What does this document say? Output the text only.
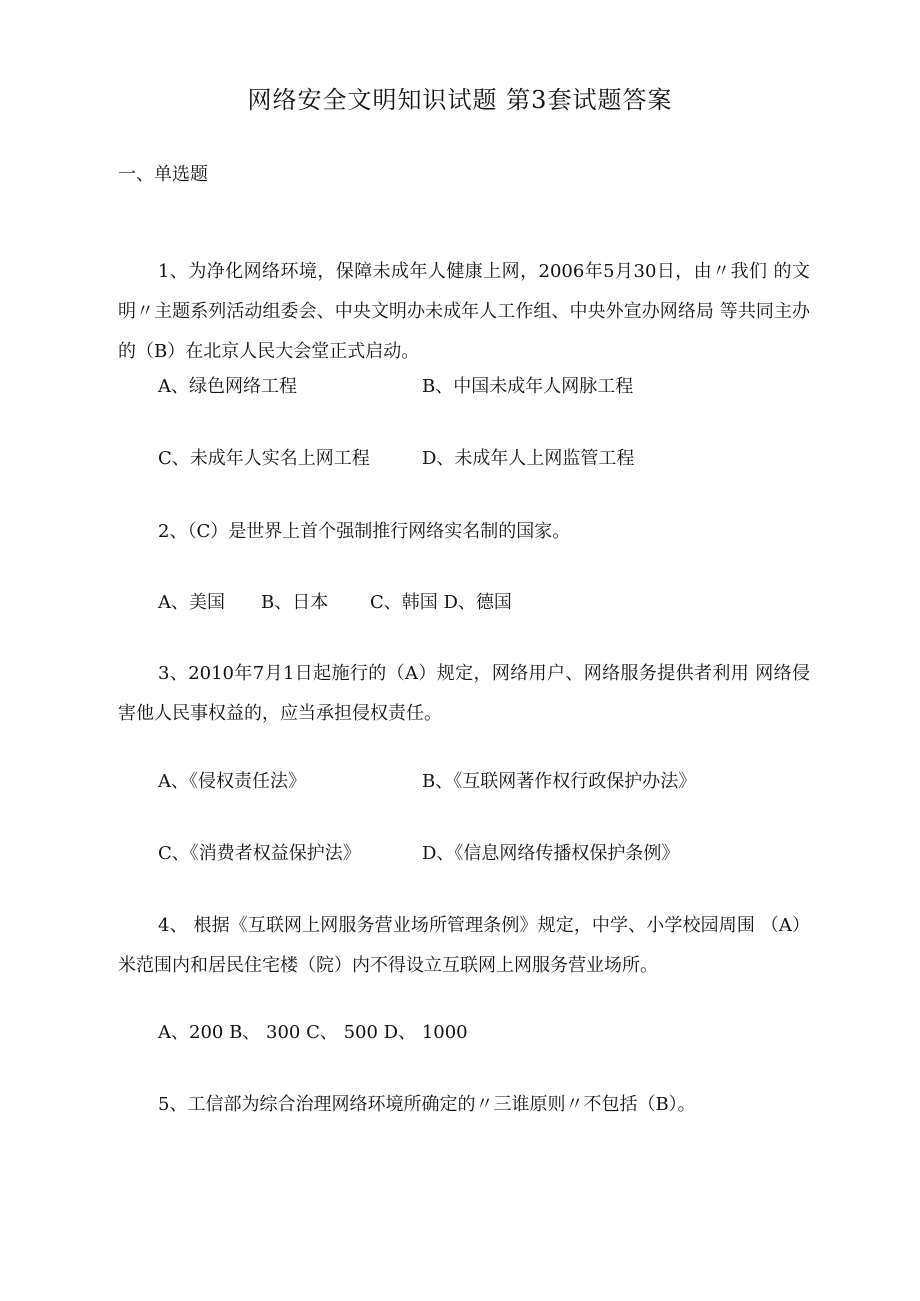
网络安全文明知识试题 第3套试题答案
一、单选题
1、为净化网络环境，保障未成年人健康上网，2006年5月30日，由〃我们 的文明〃主题系列活动组委会、中央文明办未成年人工作组、中央外宣办网络局 等共同主办的（B）在北京人民大会堂正式启动。
A、绿色网络工程	B、中国未成年人网脉工程
C、未成年人实名上网工程	D、未成年人上网监管工程
2、（C）是世界上首个强制推行网络实名制的国家。
A、美国　　B、日本　　 C、韩国 D、德国
3、2010年7月1日起施行的（A）规定，网络用户、网络服务提供者利用 网络侵害他人民事权益的，应当承担侵权责任。
A、《侵权责任法》	B、《互联网著作权行政保护办法》
C、《消费者权益保护法》	D、《信息网络传播权保护条例》
4、 根据《互联网上网服务营业场所管理条例》规定，中学、小学校园周围 （A）米范围内和居民住宅楼（院）内不得设立互联网上网服务营业场所。
A、200 B、 300 C、 500 D、 1000
5、工信部为综合治理网络环境所确定的〃三谁原则〃不包括（B）。
